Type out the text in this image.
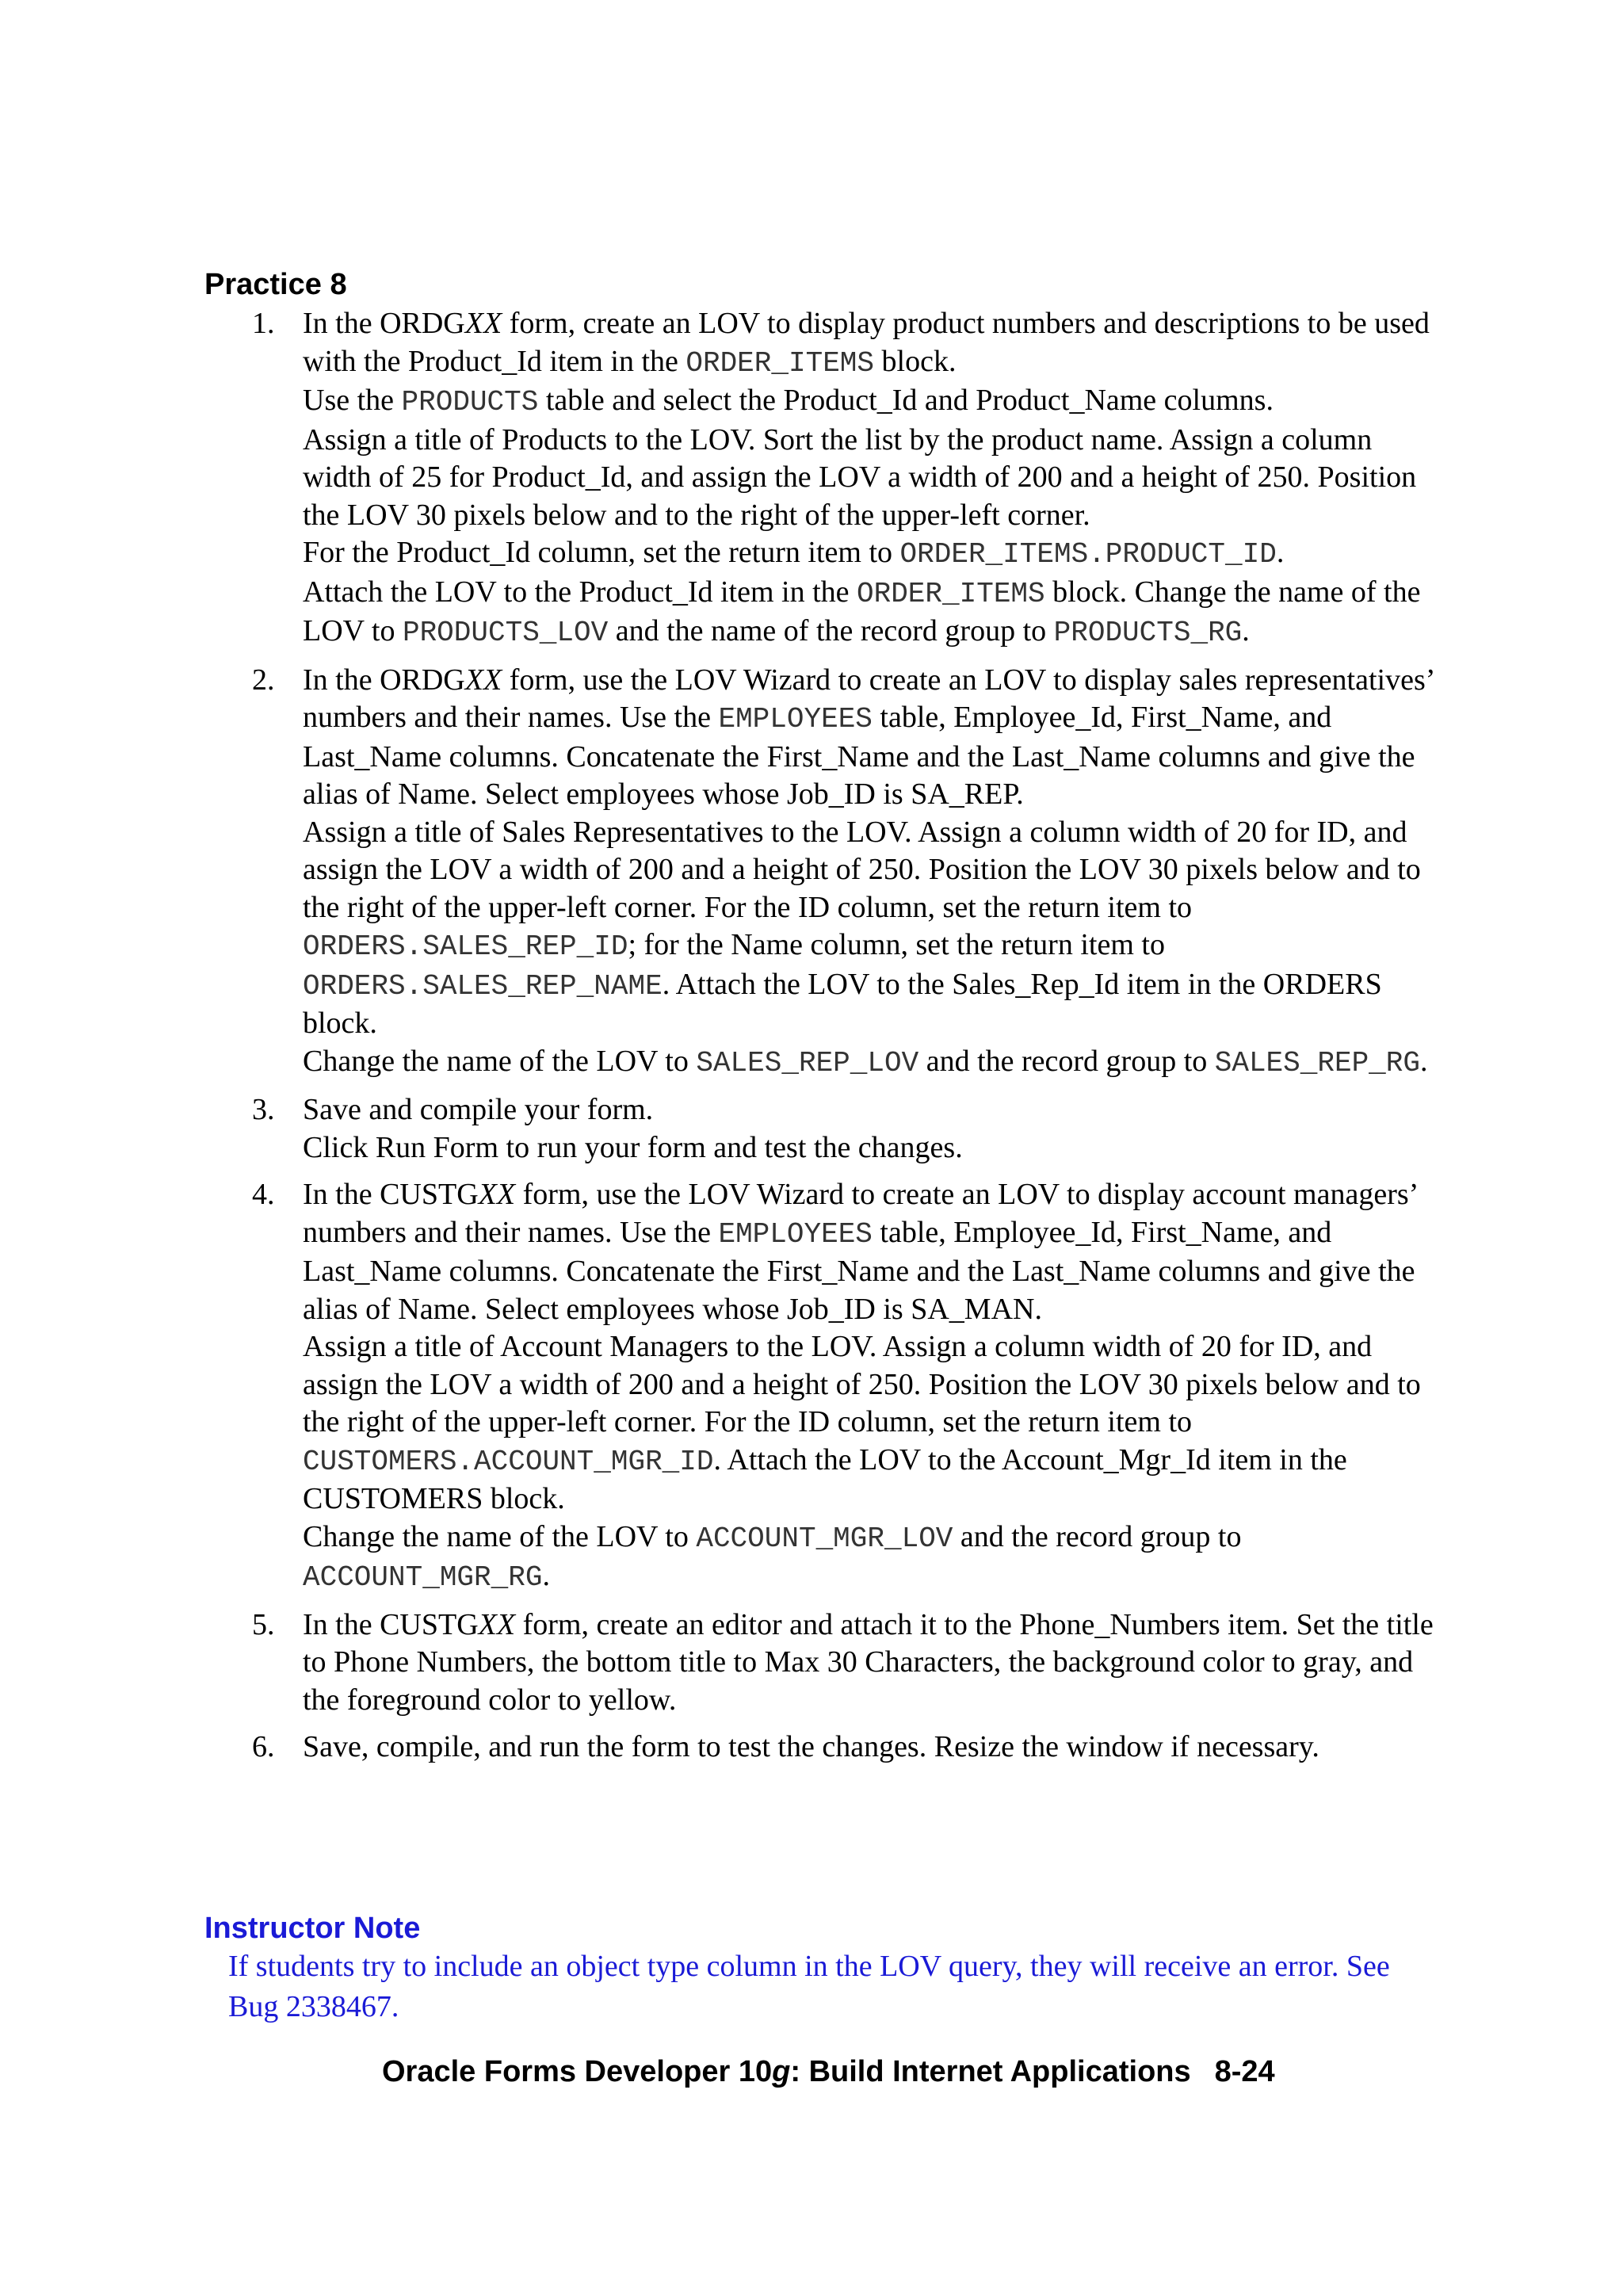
Practice 8
1. In the ORDGXX form, create an LOV to display product numbers and descriptions to be used with the Product_Id item in the ORDER_ITEMS block.
Use the PRODUCTS table and select the Product_Id and Product_Name columns.
Assign a title of Products to the LOV. Sort the list by the product name. Assign a column width of 25 for Product_Id, and assign the LOV a width of 200 and a height of 250. Position the LOV 30 pixels below and to the right of the upper-left corner.
For the Product_Id column, set the return item to ORDER_ITEMS.PRODUCT_ID.
Attach the LOV to the Product_Id item in the ORDER_ITEMS block. Change the name of the LOV to PRODUCTS_LOV and the name of the record group to PRODUCTS_RG.
2. In the ORDGXX form, use the LOV Wizard to create an LOV to display sales representatives’ numbers and their names. Use the EMPLOYEES table, Employee_Id, First_Name, and Last_Name columns. Concatenate the First_Name and the Last_Name columns and give the alias of Name. Select employees whose Job_ID is SA_REP.
Assign a title of Sales Representatives to the LOV. Assign a column width of 20 for ID, and assign the LOV a width of 200 and a height of 250. Position the LOV 30 pixels below and to the right of the upper-left corner. For the ID column, set the return item to ORDERS.SALES_REP_ID; for the Name column, set the return item to ORDERS.SALES_REP_NAME. Attach the LOV to the Sales_Rep_Id item in the ORDERS block.
Change the name of the LOV to SALES_REP_LOV and the record group to SALES_REP_RG.
3. Save and compile your form.
Click Run Form to run your form and test the changes.
4. In the CUSTGXX form, use the LOV Wizard to create an LOV to display account managers’ numbers and their names. Use the EMPLOYEES table, Employee_Id, First_Name, and Last_Name columns. Concatenate the First_Name and the Last_Name columns and give the alias of Name. Select employees whose Job_ID is SA_MAN.
Assign a title of Account Managers to the LOV. Assign a column width of 20 for ID, and assign the LOV a width of 200 and a height of 250. Position the LOV 30 pixels below and to the right of the upper-left corner. For the ID column, set the return item to CUSTOMERS.ACCOUNT_MGR_ID. Attach the LOV to the Account_Mgr_Id item in the CUSTOMERS block.
Change the name of the LOV to ACCOUNT_MGR_LOV and the record group to ACCOUNT_MGR_RG.
5. In the CUSTGXX form, create an editor and attach it to the Phone_Numbers item. Set the title to Phone Numbers, the bottom title to Max 30 Characters, the background color to gray, and the foreground color to yellow.
6. Save, compile, and run the form to test the changes. Resize the window if necessary.
Instructor Note
If students try to include an object type column in the LOV query, they will receive an error. See Bug 2338467.
Oracle Forms Developer 10g: Build Internet Applications 8-24
